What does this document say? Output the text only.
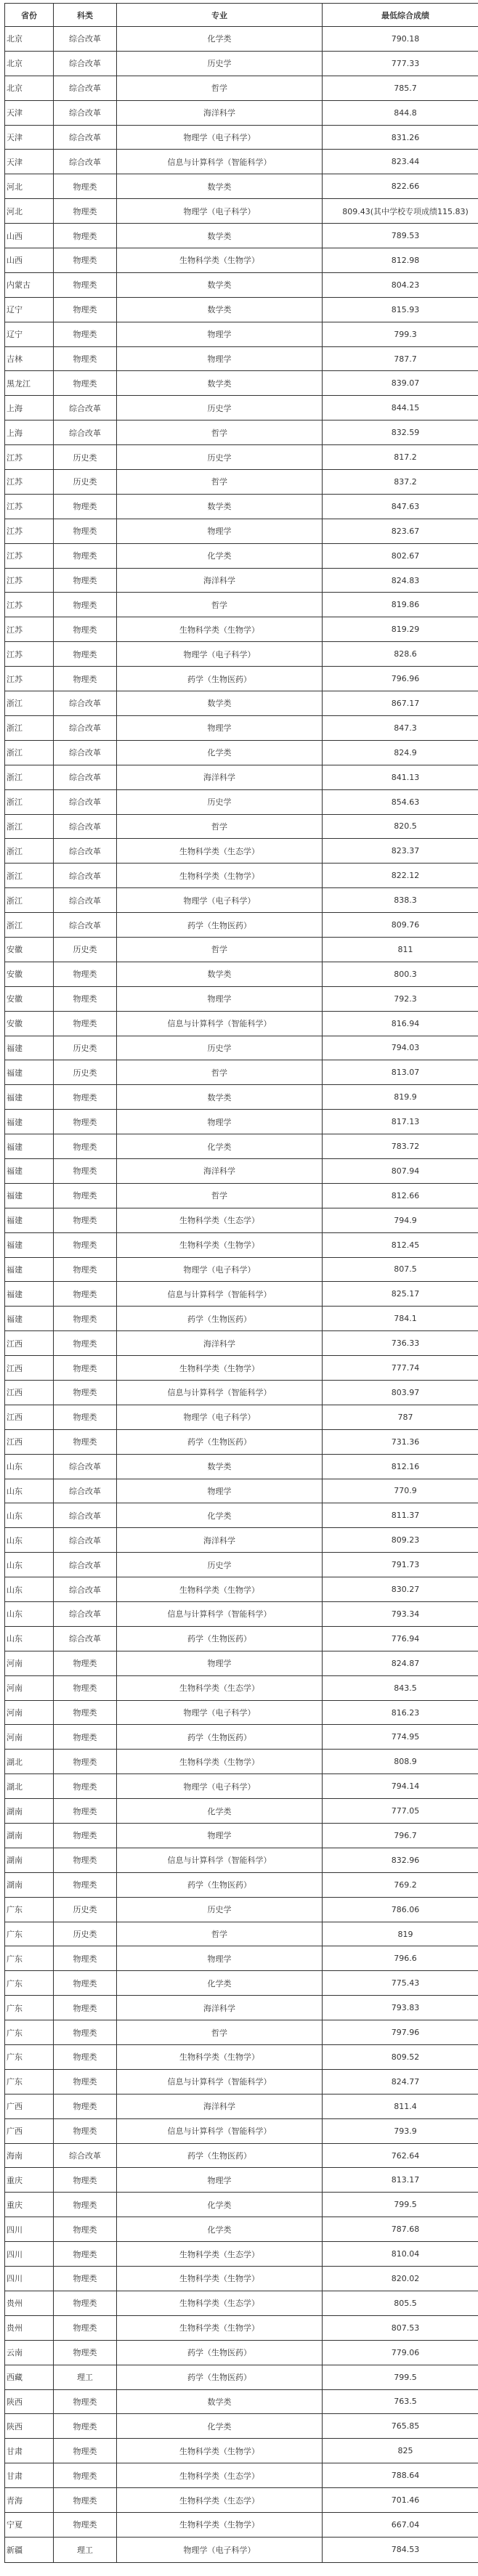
省份	科类	专业	最低综合成绩
北京	综合改革	化学类	790.18
北京	综合改革	历史学	777.33
北京	综合改革	哲学	785.7
天津	综合改革	海洋科学	844.8
天津	综合改革	物理学（电子科学）	831.26
天津	综合改革	信息与计算科学（智能科学）	823.44
河北	物理类	数学类	822.66
河北	物理类	物理学（电子科学）	809.43(其中学校专项成绩115.83)
山西	物理类	数学类	789.53
山西	物理类	生物科学类（生物学）	812.98
内蒙古	物理类	数学类	804.23
辽宁	物理类	数学类	815.93
辽宁	物理类	物理学	799.3
吉林	物理类	物理学	787.7
黑龙江	物理类	数学类	839.07
上海	综合改革	历史学	844.15
上海	综合改革	哲学	832.59
江苏	历史类	历史学	817.2
江苏	历史类	哲学	837.2
江苏	物理类	数学类	847.63
江苏	物理类	物理学	823.67
江苏	物理类	化学类	802.67
江苏	物理类	海洋科学	824.83
江苏	物理类	哲学	819.86
江苏	物理类	生物科学类（生物学）	819.29
江苏	物理类	物理学（电子科学）	828.6
江苏	物理类	药学（生物医药）	796.96
浙江	综合改革	数学类	867.17
浙江	综合改革	物理学	847.3
浙江	综合改革	化学类	824.9
浙江	综合改革	海洋科学	841.13
浙江	综合改革	历史学	854.63
浙江	综合改革	哲学	820.5
浙江	综合改革	生物科学类（生态学）	823.37
浙江	综合改革	生物科学类（生物学）	822.12
浙江	综合改革	物理学（电子科学）	838.3
浙江	综合改革	药学（生物医药）	809.76
安徽	历史类	哲学	811
安徽	物理类	数学类	800.3
安徽	物理类	物理学	792.3
安徽	物理类	信息与计算科学（智能科学）	816.94
福建	历史类	历史学	794.03
福建	历史类	哲学	813.07
福建	物理类	数学类	819.9
福建	物理类	物理学	817.13
福建	物理类	化学类	783.72
福建	物理类	海洋科学	807.94
福建	物理类	哲学	812.66
福建	物理类	生物科学类（生态学）	794.9
福建	物理类	生物科学类（生物学）	812.45
福建	物理类	物理学（电子科学）	807.5
福建	物理类	信息与计算科学（智能科学）	825.17
福建	物理类	药学（生物医药）	784.1
江西	物理类	海洋科学	736.33
江西	物理类	生物科学类（生物学）	777.74
江西	物理类	信息与计算科学（智能科学）	803.97
江西	物理类	物理学（电子科学）	787
江西	物理类	药学（生物医药）	731.36
山东	综合改革	数学类	812.16
山东	综合改革	物理学	770.9
山东	综合改革	化学类	811.37
山东	综合改革	海洋科学	809.23
山东	综合改革	历史学	791.73
山东	综合改革	生物科学类（生物学）	830.27
山东	综合改革	信息与计算科学（智能科学）	793.34
山东	综合改革	药学（生物医药）	776.94
河南	物理类	物理学	824.87
河南	物理类	生物科学类（生态学）	843.5
河南	物理类	物理学（电子科学）	816.23
河南	物理类	药学（生物医药）	774.95
湖北	物理类	生物科学类（生物学）	808.9
湖北	物理类	物理学（电子科学）	794.14
湖南	物理类	化学类	777.05
湖南	物理类	物理学	796.7
湖南	物理类	信息与计算科学（智能科学）	832.96
湖南	物理类	药学（生物医药）	769.2
广东	历史类	历史学	786.06
广东	历史类	哲学	819
广东	物理类	物理学	796.6
广东	物理类	化学类	775.43
广东	物理类	海洋科学	793.83
广东	物理类	哲学	797.96
广东	物理类	生物科学类（生物学）	809.52
广东	物理类	信息与计算科学（智能科学）	824.77
广西	物理类	海洋科学	811.4
广西	物理类	信息与计算科学（智能科学）	793.9
海南	综合改革	药学（生物医药）	762.64
重庆	物理类	物理学	813.17
重庆	物理类	化学类	799.5
四川	物理类	化学类	787.68
四川	物理类	生物科学类（生态学）	810.04
四川	物理类	生物科学类（生物学）	820.02
贵州	物理类	生物科学类（生态学）	805.5
贵州	物理类	生物科学类（生物学）	807.53
云南	物理类	药学（生物医药）	779.06
西藏	理工	药学（生物医药）	799.5
陕西	物理类	数学类	763.5
陕西	物理类	化学类	765.85
甘肃	物理类	生物科学类（生物学）	825
甘肃	物理类	生物科学类（生态学）	788.64
青海	物理类	生物科学类（生态学）	701.46
宁夏	物理类	生物科学类（生物学）	667.04
新疆	理工	物理学（电子科学）	784.53
